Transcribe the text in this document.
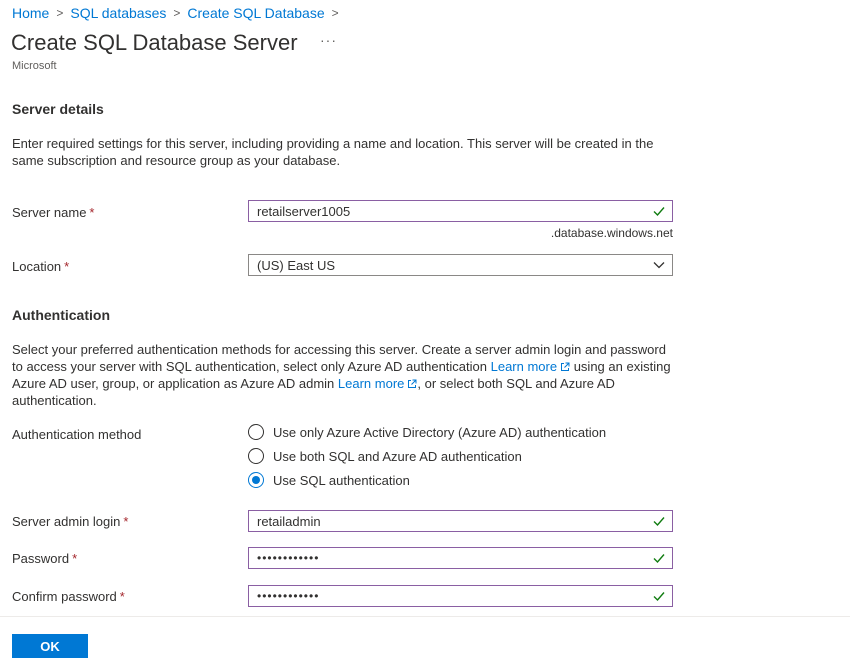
Home > SQL databases > Create SQL Database >
Create SQL Database Server ···
Microsoft
Server details

Enter required settings for this server, including providing a name and location. This server will be created in the same subscription and resource group as your database.

Server name *	retailserver1005
.database.windows.net
Location *	(US) East US
Authentication

Select your preferred authentication methods for accessing this server. Create a server admin login and password to access your server with SQL authentication, select only Azure AD authentication Learn more using an existing Azure AD user, group, or application as Azure AD admin Learn more , or select both SQL and Azure AD authentication.

Authentication method	Use only Azure Active Directory (Azure AD) authentication
Use both SQL and Azure AD authentication
Use SQL authentication
Server admin login *	retailadmin
Password *	••••••••••••
Confirm password *	••••••••••••
OK
